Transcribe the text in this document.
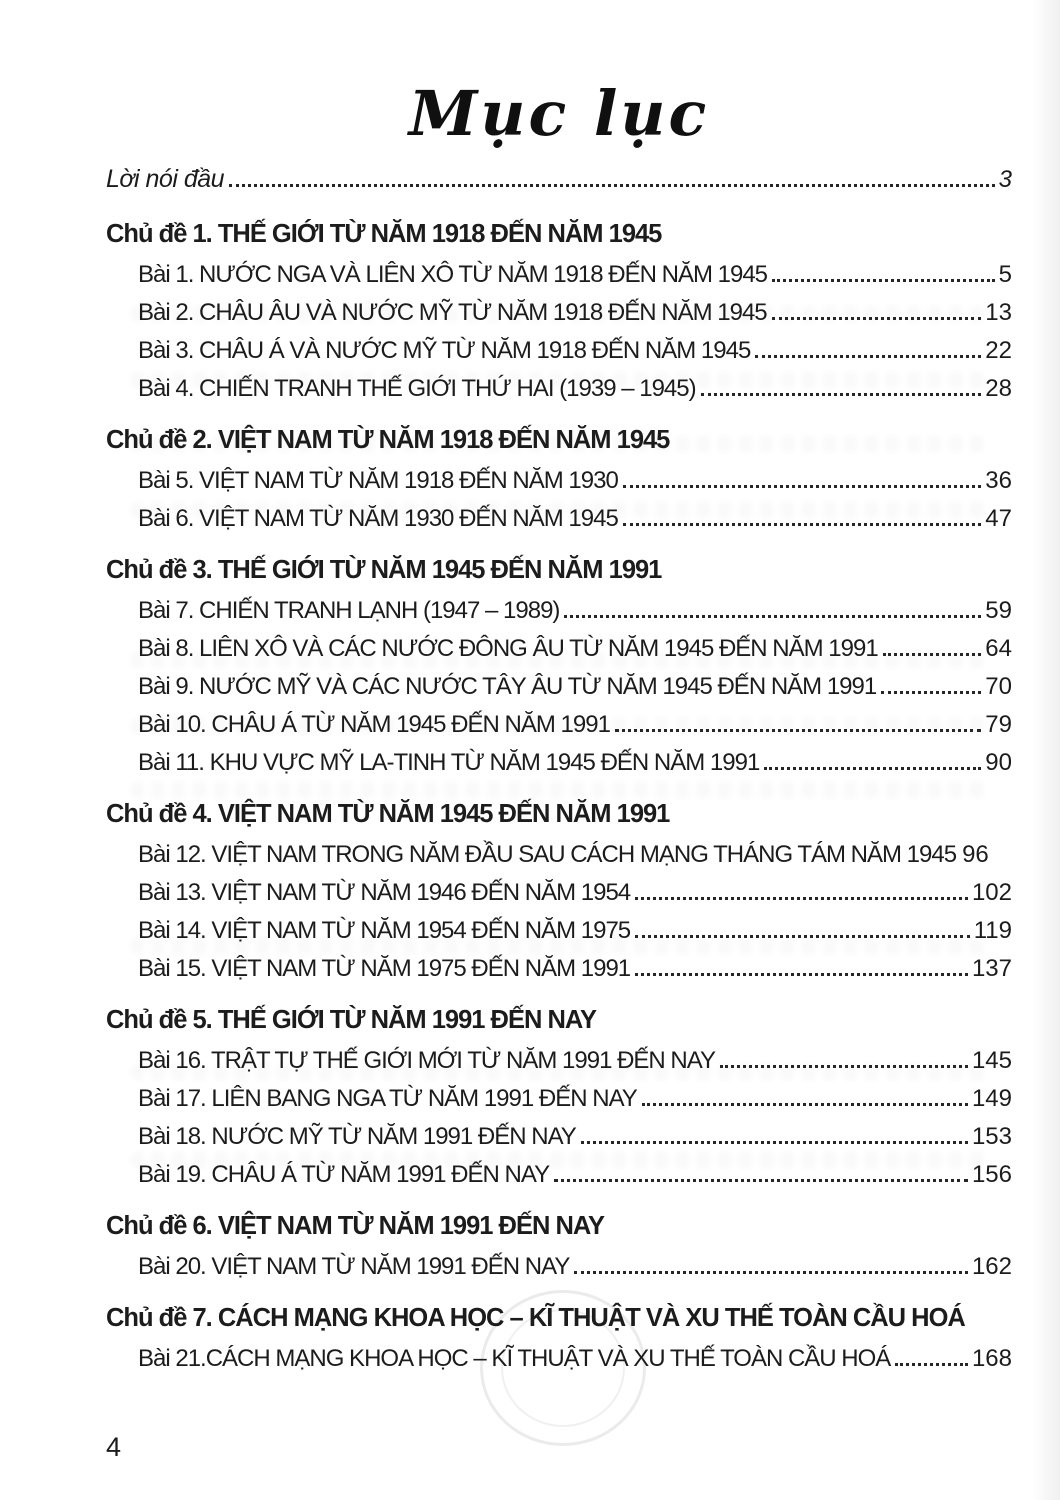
Mục lục
Lời nói đầu	3
Chủ đề 1. THẾ GIỚI TỪ NĂM 1918 ĐẾN NĂM 1945
Bài 1. NƯỚC NGA VÀ LIÊN XÔ TỪ NĂM 1918 ĐẾN NĂM 1945	5
Bài 2. CHÂU ÂU VÀ NƯỚC MỸ TỪ NĂM 1918 ĐẾN NĂM 1945	13
Bài 3. CHÂU Á VÀ NƯỚC MỸ TỪ NĂM 1918 ĐẾN NĂM 1945	22
Bài 4. CHIẾN TRANH THẾ GIỚI THỨ HAI (1939 – 1945)	28
Chủ đề 2. VIỆT NAM TỪ NĂM 1918 ĐẾN NĂM 1945
Bài 5. VIỆT NAM TỪ NĂM 1918 ĐẾN NĂM 1930	36
Bài 6. VIỆT NAM TỪ NĂM 1930 ĐẾN NĂM 1945	47
Chủ đề 3. THẾ GIỚI TỪ NĂM 1945 ĐẾN NĂM 1991
Bài 7. CHIẾN TRANH LẠNH (1947 – 1989)	59
Bài 8. LIÊN XÔ VÀ CÁC NƯỚC ĐÔNG ÂU TỪ NĂM 1945 ĐẾN NĂM 1991	64
Bài 9. NƯỚC MỸ VÀ CÁC NƯỚC TÂY ÂU TỪ NĂM 1945 ĐẾN NĂM 1991	70
Bài 10. CHÂU Á TỪ NĂM 1945 ĐẾN NĂM 1991	79
Bài 11. KHU VỰC MỸ LA-TINH TỪ NĂM 1945 ĐẾN NĂM 1991	90
Chủ đề 4. VIỆT NAM TỪ NĂM 1945 ĐẾN NĂM 1991
Bài 12. VIỆT NAM TRONG NĂM ĐẦU SAU CÁCH MẠNG THÁNG TÁM NĂM 1945 96
Bài 13. VIỆT NAM TỪ NĂM 1946 ĐẾN NĂM 1954	102
Bài 14. VIỆT NAM TỪ NĂM 1954 ĐẾN NĂM 1975	119
Bài 15. VIỆT NAM TỪ NĂM 1975 ĐẾN NĂM 1991	137
Chủ đề 5. THẾ GIỚI TỪ NĂM 1991 ĐẾN NAY
Bài 16. TRẬT TỰ THẾ GIỚI MỚI TỪ NĂM 1991 ĐẾN NAY	145
Bài 17. LIÊN BANG NGA TỪ NĂM 1991 ĐẾN NAY	149
Bài 18. NƯỚC MỸ TỪ NĂM 1991 ĐẾN NAY	153
Bài 19. CHÂU Á TỪ NĂM 1991 ĐẾN NAY	156
Chủ đề 6. VIỆT NAM TỪ NĂM 1991 ĐẾN NAY
Bài 20. VIỆT NAM TỪ NĂM 1991 ĐẾN NAY	162
Chủ đề 7. CÁCH MẠNG KHOA HỌC – KĨ THUẬT VÀ XU THẾ TOÀN CẦU HOÁ
Bài 21.CÁCH MẠNG KHOA HỌC – KĨ THUẬT VÀ XU THẾ TOÀN CẦU HOÁ	168
4
